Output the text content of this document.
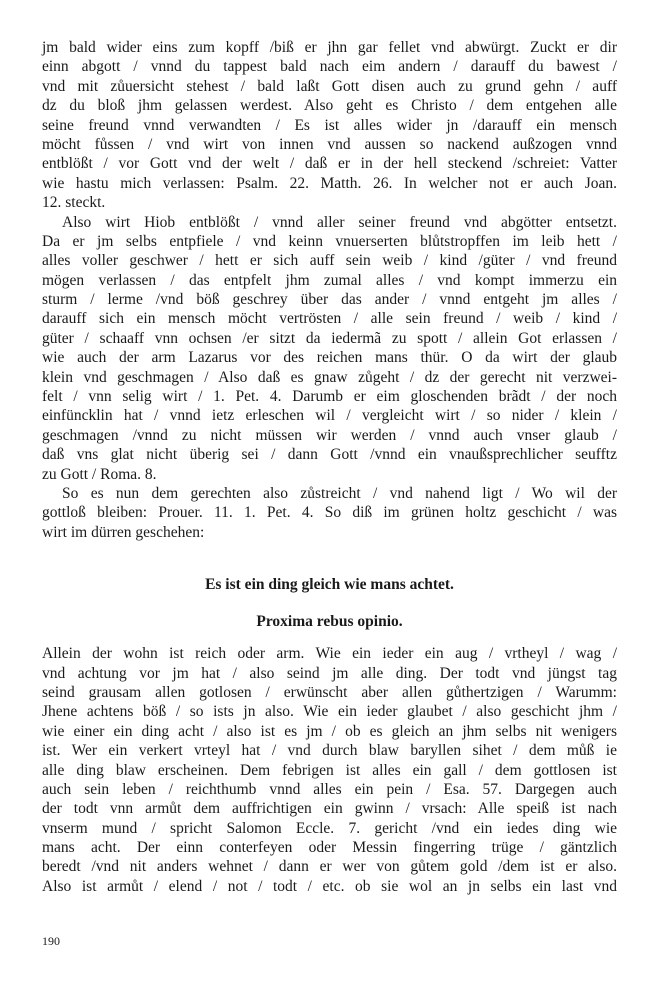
jm bald wider eins zum kopff /biß er jhn gar fellet vnd abwürgt. Zuckt er dir
einn abgott / vnnd du tappest bald nach eim andern / darauff du bawest /
vnd mit zůuersicht stehest / bald laßt Gott disen auch zu grund gehn / auff
dz du bloß jhm gelassen werdest. Also geht es Christo / dem entgehen alle
seine freund vnnd verwandten / Es ist alles wider jn /darauff ein mensch
möcht fůssen / vnd wirt von innen vnd aussen so nackend außzogen vnnd
entblößt / vor Gott vnd der welt / daß er in der hell steckend /schreiet: Vatter
wie hastu mich verlassen: Psalm. 22. Matth. 26. In welcher not er auch Joan.
12. steckt.
Also wirt Hiob entblößt / vnnd aller seiner freund vnd abgötter entsetzt.
Da er jm selbs entpfiele / vnd keinn vnuerserten blůtstropffen im leib hett /
alles voller geschwer / hett er sich auff sein weib / kind /güter / vnd freund
mögen verlassen / das entpfelt jhm zumal alles / vnd kompt immerzu ein
sturm / lerme /vnd böß geschrey über das ander / vnnd entgeht jm alles /
darauff sich ein mensch möcht vertrösten / alle sein freund / weib / kind /
güter / schaaff vnn ochsen /er sitzt da iedermã zu spott / allein Got erlassen /
wie auch der arm Lazarus vor des reichen mans thür. O da wirt der glaub
klein vnd geschmagen / Also daß es gnaw zůgeht / dz der gerecht nit verzwei-
felt / vnn selig wirt / 1. Pet. 4. Darumb er eim gloschenden brãdt / der noch
einfüncklin hat / vnnd ietz erleschen wil / vergleicht wirt / so nider / klein /
geschmagen /vnnd zu nicht müssen wir werden / vnnd auch vnser glaub /
daß vns glat nicht überig sei / dann Gott /vnnd ein vnaußsprechlicher seufftz
zu Gott / Roma. 8.
So es nun dem gerechten also zůstreicht / vnd nahend ligt / Wo wil der
gottloß bleiben: Prouer. 11. 1. Pet. 4. So diß im grünen holtz geschicht / was
wirt im dürren geschehen:
Es ist ein ding gleich wie mans achtet.
Proxima rebus opinio.
Allein der wohn ist reich oder arm. Wie ein ieder ein aug / vrtheyl / wag /
vnd achtung vor jm hat / also seind jm alle ding. Der todt vnd jüngst tag
seind grausam allen gotlosen / erwünscht aber allen gůthertzigen / Warumm:
Jhene achtens böß / so ists jn also. Wie ein ieder glaubet / also geschicht jhm /
wie einer ein ding acht / also ist es jm / ob es gleich an jhm selbs nit wenigers
ist. Wer ein verkert vrteyl hat / vnd durch blaw baryllen sihet / dem můß ie
alle ding blaw erscheinen. Dem febrigen ist alles ein gall / dem gottlosen ist
auch sein leben / reichthumb vnnd alles ein pein / Esa. 57. Dargegen auch
der todt vnn armůt dem auffrichtigen ein gwinn / vrsach: Alle speiß ist nach
vnserm mund / spricht Salomon Eccle. 7. gericht /vnd ein iedes ding wie
mans acht. Der einn conterfeyen oder Messin fingerring trüge / gäntzlich
beredt /vnd nit anders wehnet / dann er wer von gůtem gold /dem ist er also.
Also ist armůt / elend / not / todt / etc. ob sie wol an jn selbs ein last vnd
190
